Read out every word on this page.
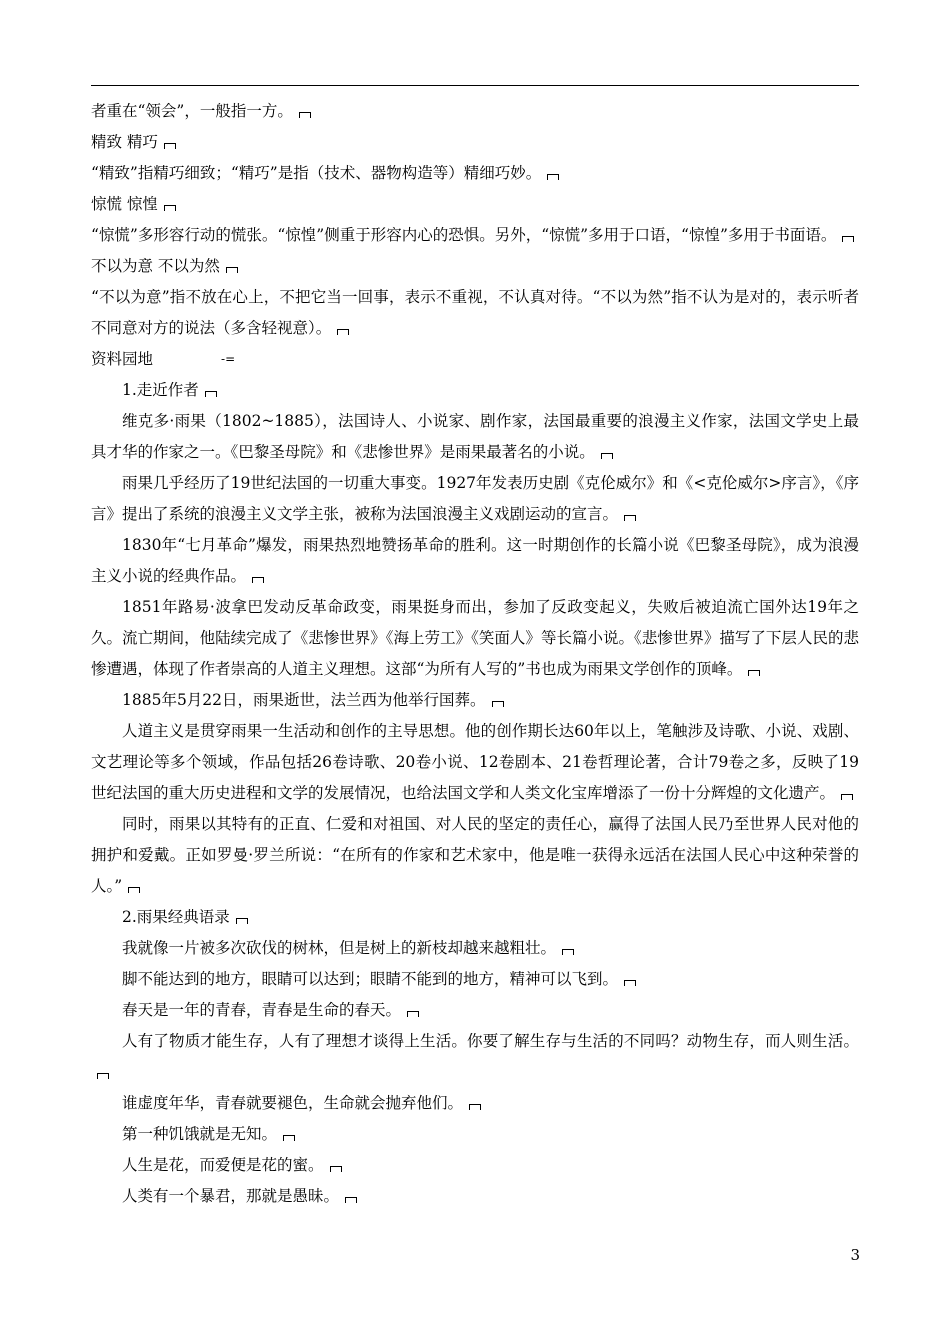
者重在“领会”，一般指一方。
精致 精巧
“精致”指精巧细致；“精巧”是指（技术、器物构造等）精细巧妙。
惊慌 惊惶
“惊慌”多形容行动的慌张。“惊惶”侧重于形容内心的恐惧。另外，“惊慌”多用于口语，“惊惶”多用于书面语。
不以为意 不以为然
“不以为意”指不放在心上，不把它当一回事，表示不重视，不认真对待。“不以为然”指不认为是对的，表示听者不同意对方的说法（多含轻视意）。
资料园地	-=
1.走近作者
维克多·雨果（1802~1885），法国诗人、小说家、剧作家，法国最重要的浪漫主义作家，法国文学史上最具才华的作家之一。《巴黎圣母院》和《悲惨世界》是雨果最著名的小说。
雨果几乎经历了19世纪法国的一切重大事变。1927年发表历史剧《克伦威尔》和《<克伦威尔>序言》，《序言》提出了系统的浪漫主义文学主张，被称为法国浪漫主义戏剧运动的宣言。
1830年“七月革命”爆发，雨果热烈地赞扬革命的胜利。这一时期创作的长篇小说《巴黎圣母院》，成为浪漫主义小说的经典作品。
1851年路易·波拿巴发动反革命政变，雨果挺身而出，参加了反政变起义，失败后被迫流亡国外达19年之久。流亡期间，他陆续完成了《悲惨世界》《海上劳工》《笑面人》等长篇小说。《悲惨世界》描写了下层人民的悲惨遭遇，体现了作者崇高的人道主义理想。这部“为所有人写的”书也成为雨果文学创作的顶峰。
1885年5月22日，雨果逝世，法兰西为他举行国葬。
人道主义是贯穿雨果一生活动和创作的主导思想。他的创作期长达60年以上，笔触涉及诗歌、小说、戏剧、文艺理论等多个领域，作品包括26卷诗歌、20卷小说、12卷剧本、21卷哲理论著，合计79卷之多，反映了19世纪法国的重大历史进程和文学的发展情况，也给法国文学和人类文化宝库增添了一份十分辉煌的文化遗产。
同时，雨果以其特有的正直、仁爱和对祖国、对人民的坚定的责任心，赢得了法国人民乃至世界人民对他的拥护和爱戴。正如罗曼·罗兰所说：“在所有的作家和艺术家中，他是唯一获得永远活在法国人民心中这种荣誉的人。”
2.雨果经典语录
我就像一片被多次砍伐的树林，但是树上的新枝却越来越粗壮。
脚不能达到的地方，眼睛可以达到；眼睛不能到的地方，精神可以飞到。
春天是一年的青春，青春是生命的春天。
人有了物质才能生存，人有了理想才谈得上生活。你要了解生存与生活的不同吗？动物生存，而人则生活。
谁虚度年华，青春就要褪色，生命就会抛弃他们。
第一种饥饿就是无知。
人生是花，而爱便是花的蜜。
人类有一个暴君，那就是愚昧。
3
